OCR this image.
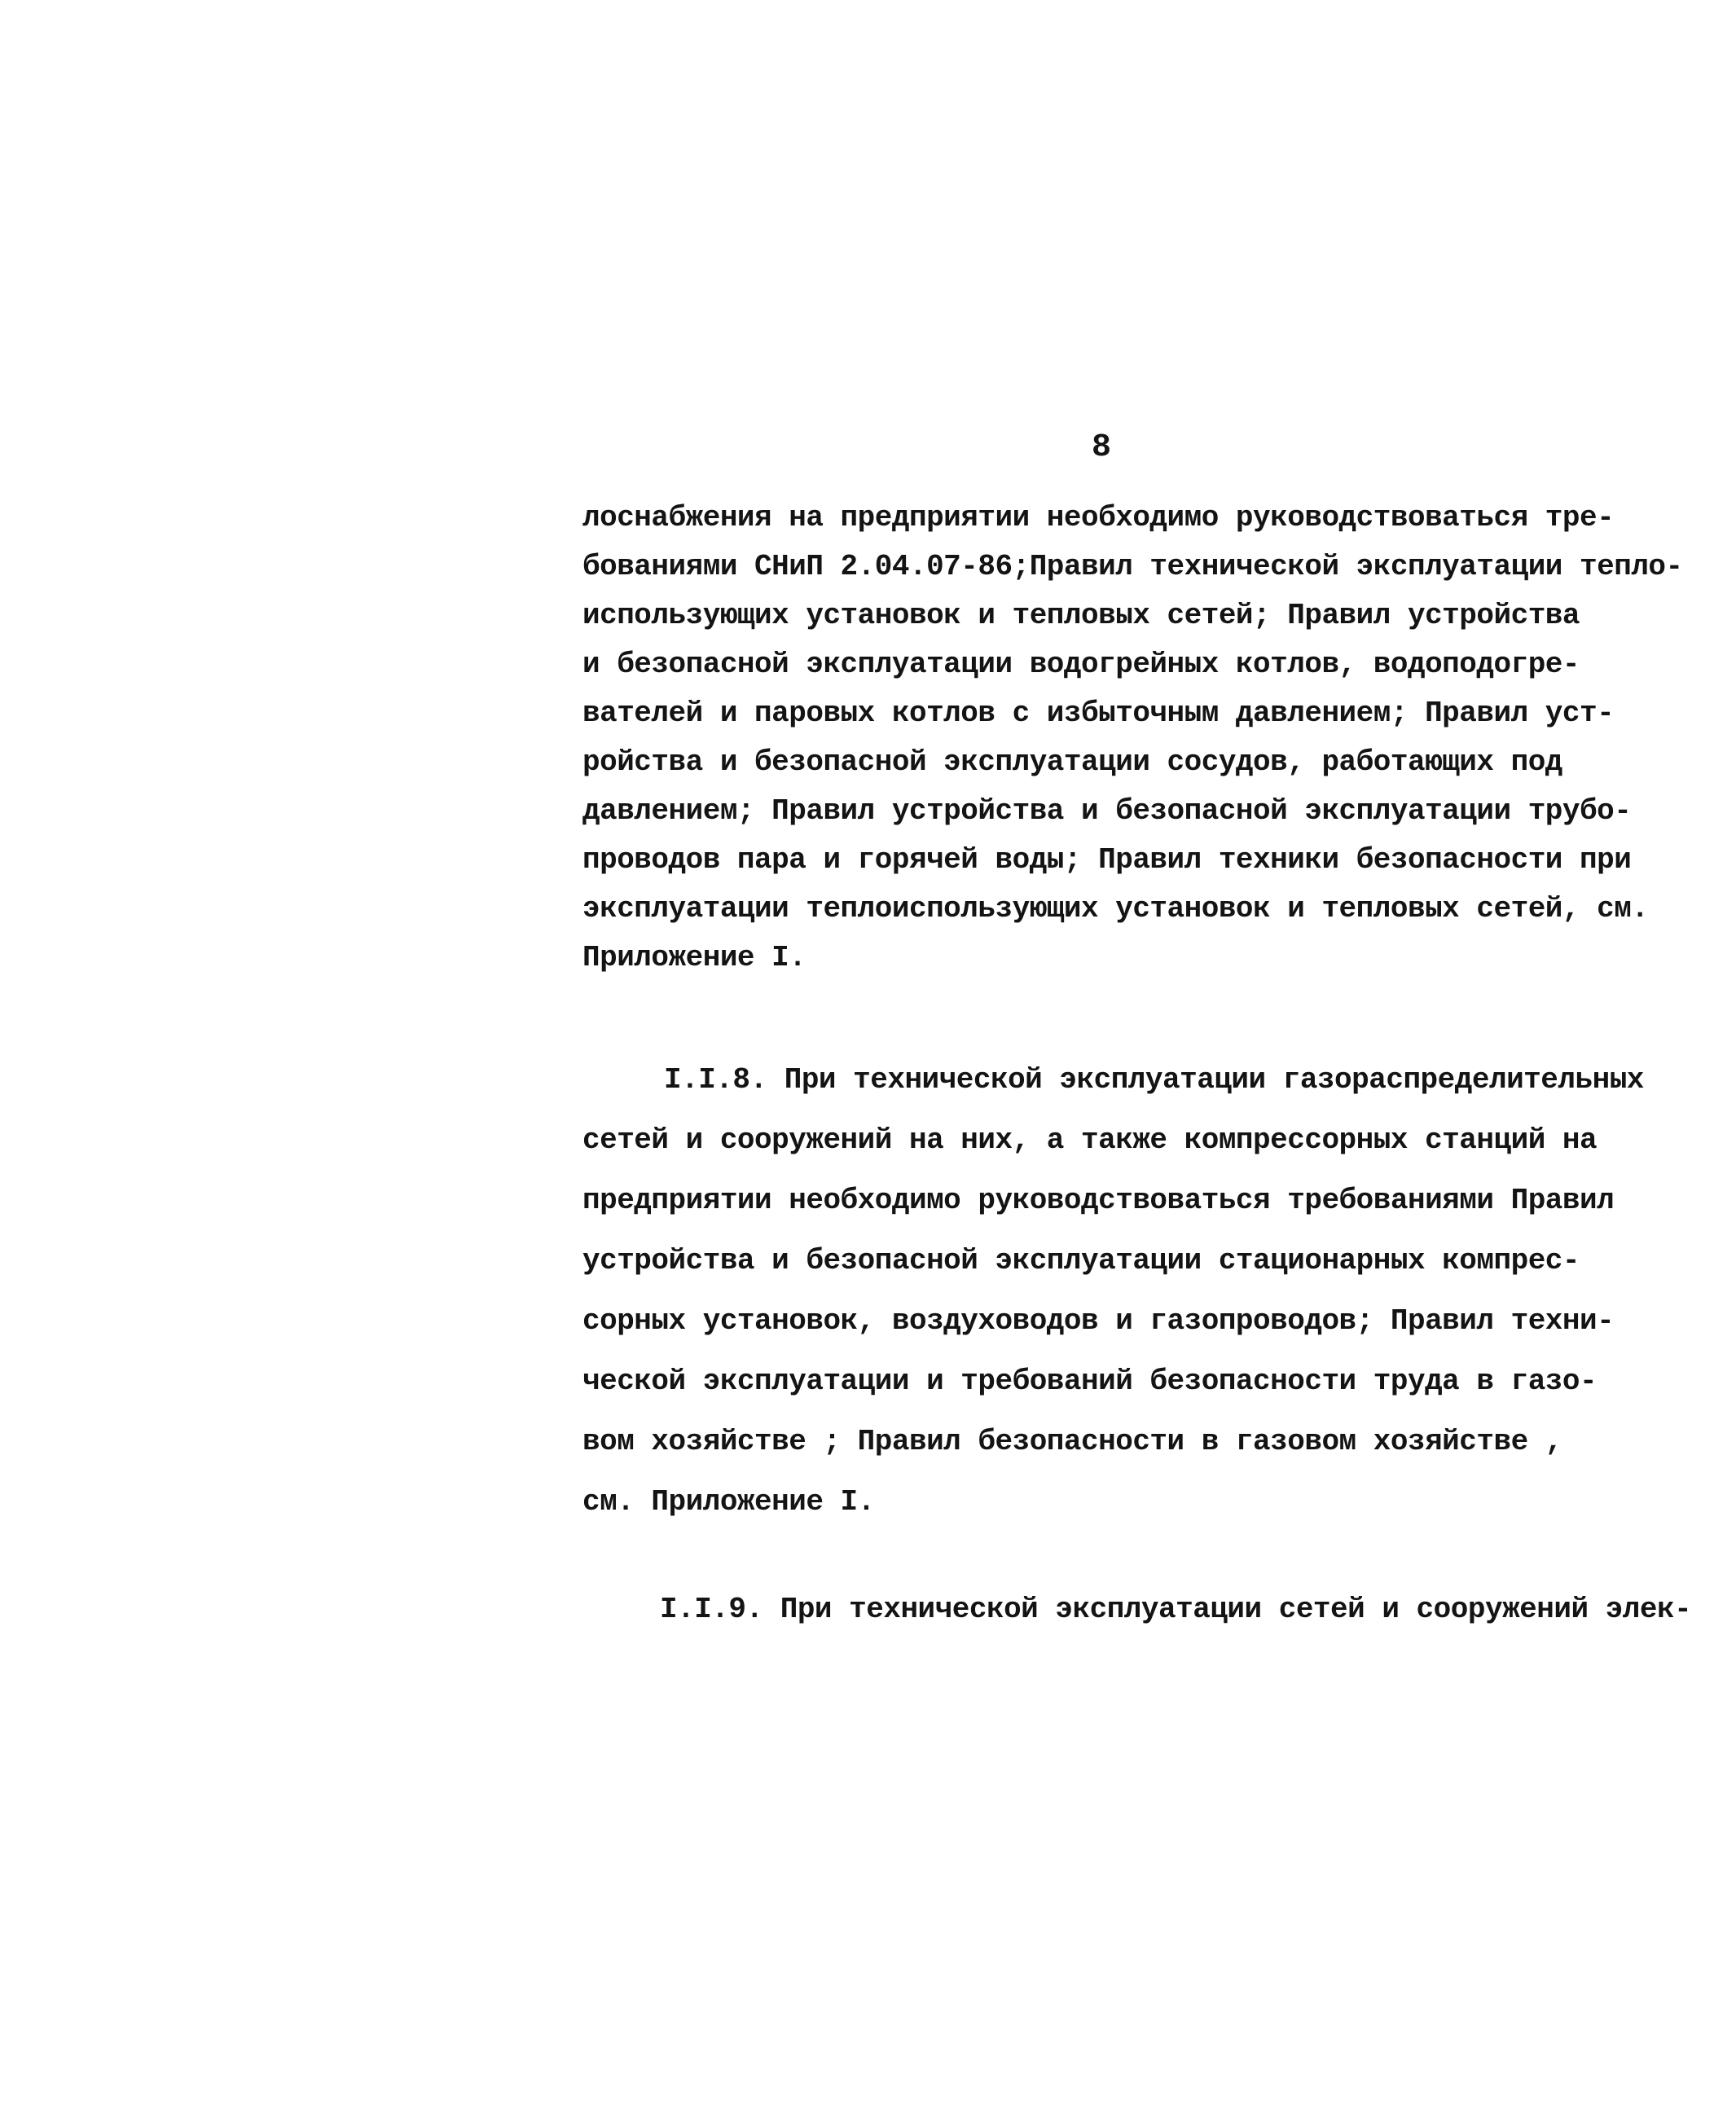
8
лоснабжения на предприятии необходимо руководствоваться тре-
бованиями СНиП 2.04.07-86;Правил технической эксплуатации тепло-
использующих установок и тепловых сетей; Правил устройства
и безопасной эксплуатации водогрейных котлов, водоподогре-
вателей и паровых котлов с избыточным давлением; Правил уст-
ройства и безопасной эксплуатации сосудов, работающих под
давлением; Правил устройства и безопасной эксплуатации трубо-
проводов пара и горячей воды; Правил техники безопасности при
эксплуатации теплоиспользующих установок и тепловых сетей, см.
Приложение I.
I.I.8. При технической эксплуатации газораспределительных
сетей и сооружений на них, а также компрессорных станций на
предприятии необходимо руководствоваться требованиями Правил
устройства и безопасной эксплуатации стационарных компрес-
сорных установок, воздуховодов и газопроводов; Правил техни-
ческой эксплуатации и требований безопасности труда в газо-
вом хозяйстве ; Правил безопасности в газовом хозяйстве ,
см. Приложение I.
I.I.9. При технической эксплуатации сетей и сооружений элек-
